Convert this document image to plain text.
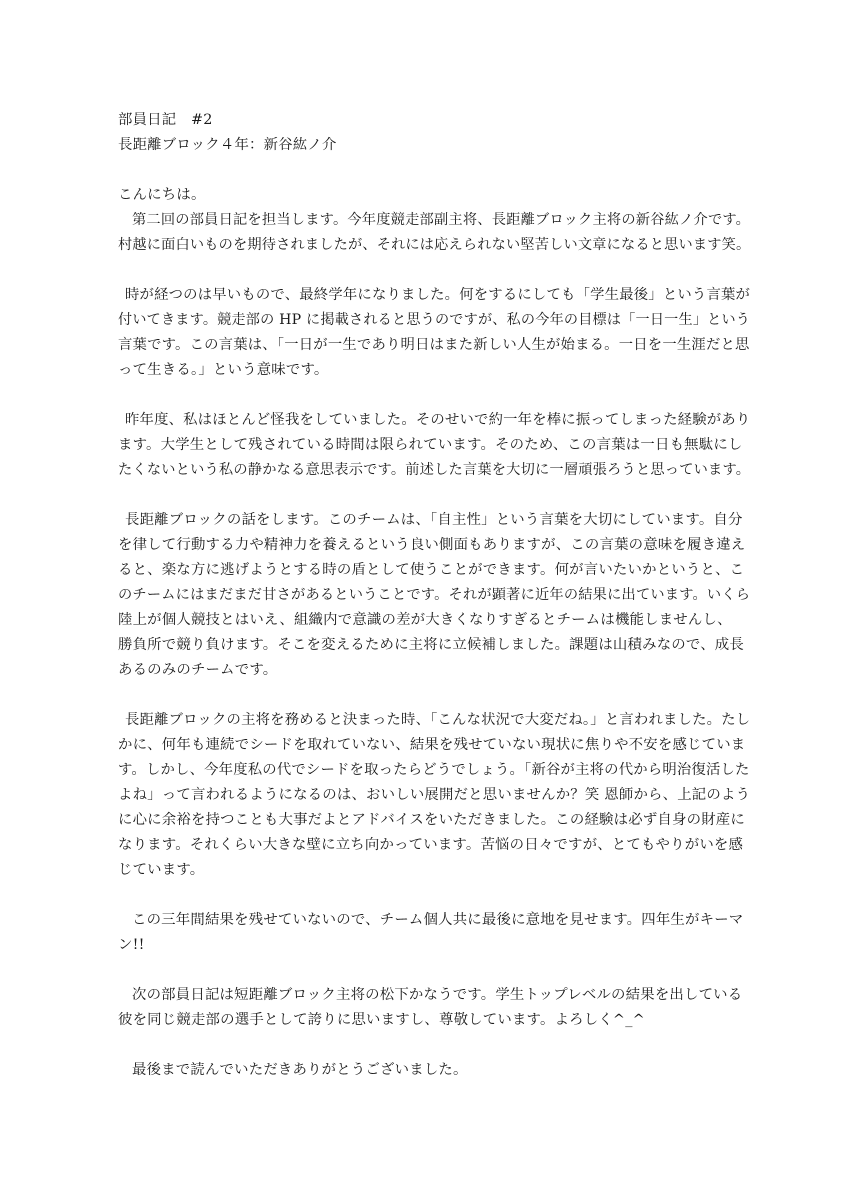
部員日記　#2
長距離ブロック４年：新谷紘ノ介
こんにちは。
第二回の部員日記を担当します。今年度競走部副主将、長距離ブロック主将の新谷紘ノ介です。
村越に面白いものを期待されましたが、それには応えられない堅苦しい文章になると思います笑。
時が経つのは早いもので、最終学年になりました。何をするにしても「学生最後」という言葉が
付いてきます。競走部の HP に掲載されると思うのですが、私の今年の目標は「一日一生」という
言葉です。この言葉は、「一日が一生であり明日はまた新しい人生が始まる。一日を一生涯だと思
って生きる。」という意味です。
昨年度、私はほとんど怪我をしていました。そのせいで約一年を棒に振ってしまった経験があり
ます。大学生として残されている時間は限られています。そのため、この言葉は一日も無駄にし
たくないという私の静かなる意思表示です。前述した言葉を大切に一層頑張ろうと思っています。
長距離ブロックの話をします。このチームは、「自主性」という言葉を大切にしています。自分
を律して行動する力や精神力を養えるという良い側面もありますが、この言葉の意味を履き違え
ると、楽な方に逃げようとする時の盾として使うことができます。何が言いたいかというと、こ
のチームにはまだまだ甘さがあるということです。それが顕著に近年の結果に出ています。いくら
陸上が個人競技とはいえ、組織内で意識の差が大きくなりすぎるとチームは機能しませんし、
勝負所で競り負けます。そこを変えるために主将に立候補しました。課題は山積みなので、成長
あるのみのチームです。
長距離ブロックの主将を務めると決まった時、「こんな状況で大変だね。」と言われました。たし
かに、何年も連続でシードを取れていない、結果を残せていない現状に焦りや不安を感じていま
す。しかし、今年度私の代でシードを取ったらどうでしょう。「新谷が主将の代から明治復活した
よね」って言われるようになるのは、おいしい展開だと思いませんか？笑 恩師から、上記のよう
に心に余裕を持つことも大事だよとアドバイスをいただきました。この経験は必ず自身の財産に
なります。それくらい大きな壁に立ち向かっています。苦悩の日々ですが、とてもやりがいを感
じています。
この三年間結果を残せていないので、チーム個人共に最後に意地を見せます。四年生がキーマ
ン!!
次の部員日記は短距離ブロック主将の松下かなうです。学生トップレベルの結果を出している
彼を同じ競走部の選手として誇りに思いますし、尊敬しています。よろしく^_^
最後まで読んでいただきありがとうございました。
